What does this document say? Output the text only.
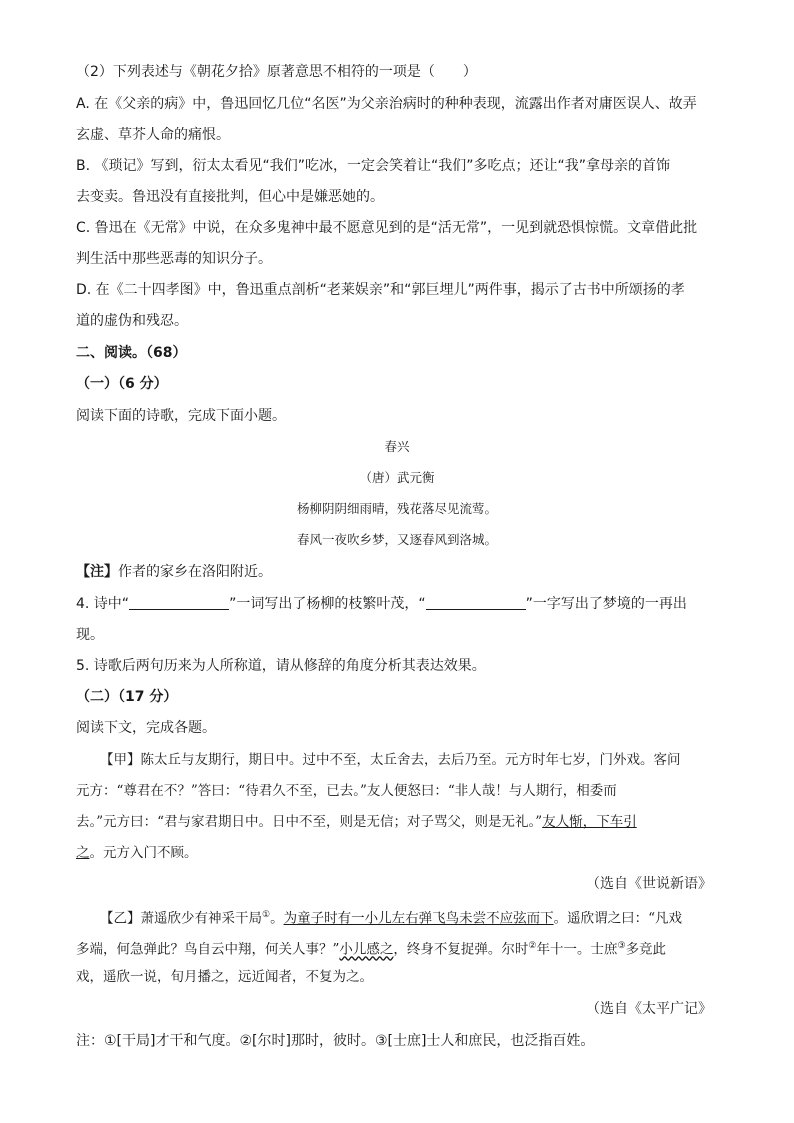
（2）下列表述与《朝花夕拾》原著意思不相符的一项是（　　）
A. 在《父亲的病》中，鲁迅回忆几位“名医”为父亲治病时的种种表现，流露出作者对庸医误人、故弄
玄虚、草芥人命的痛恨。
B. 《琐记》写到，衍太太看见“我们”吃冰，一定会笑着让“我们”多吃点；还让“我”拿母亲的首饰
去变卖。鲁迅没有直接批判，但心中是嫌恶她的。
C. 鲁迅在《无常》中说，在众多鬼神中最不愿意见到的是“活无常”，一见到就恐惧惊慌。文章借此批
判生活中那些恶毒的知识分子。
D. 在《二十四孝图》中，鲁迅重点剖析“老莱娱亲”和“郭巨埋儿”两件事，揭示了古书中所颂扬的孝
道的虚伪和残忍。
二、阅读。（68）
（一）（6 分）
阅读下面的诗歌，完成下面小题。
春兴
（唐）武元衡
杨柳阴阴细雨晴，残花落尽见流莺。
春风一夜吹乡梦，又逐春风到洛城。
【注】作者的家乡在洛阳附近。
4. 诗中“	”一词写出了杨柳的枝繁叶茂，“	”一字写出了梦境的一再出
现。
5. 诗歌后两句历来为人所称道，请从修辞的角度分析其表达效果。
（二）（17 分）
阅读下文，完成各题。
【甲】陈太丘与友期行，期日中。过中不至，太丘舍去，去后乃至。元方时年七岁，门外戏。客问
元方：“尊君在不？”答曰：“待君久不至，已去。”友人便怒曰：“非人哉！与人期行，相委而
去。”元方曰：“君与家君期日中。日中不至，则是无信；对子骂父，则是无礼。”友人惭，下车引
之。元方入门不顾。
（选自《世说新语》
【乙】萧遥欣少有神采干局①。为童子时有一小儿左右弹飞鸟未尝不应弦而下。遥欣谓之曰：“凡戏
多端，何急弹此？鸟自云中翔，何关人事？”小儿感之，终身不复捉弹。尔时②年十一。士庶③多竞此
戏，遥欣一说，旬月播之，远近闻者，不复为之。
（选自《太平广记》
注：①[干局]才干和气度。②[尔时]那时，彼时。③[士庶]士人和庶民，也泛指百姓。
